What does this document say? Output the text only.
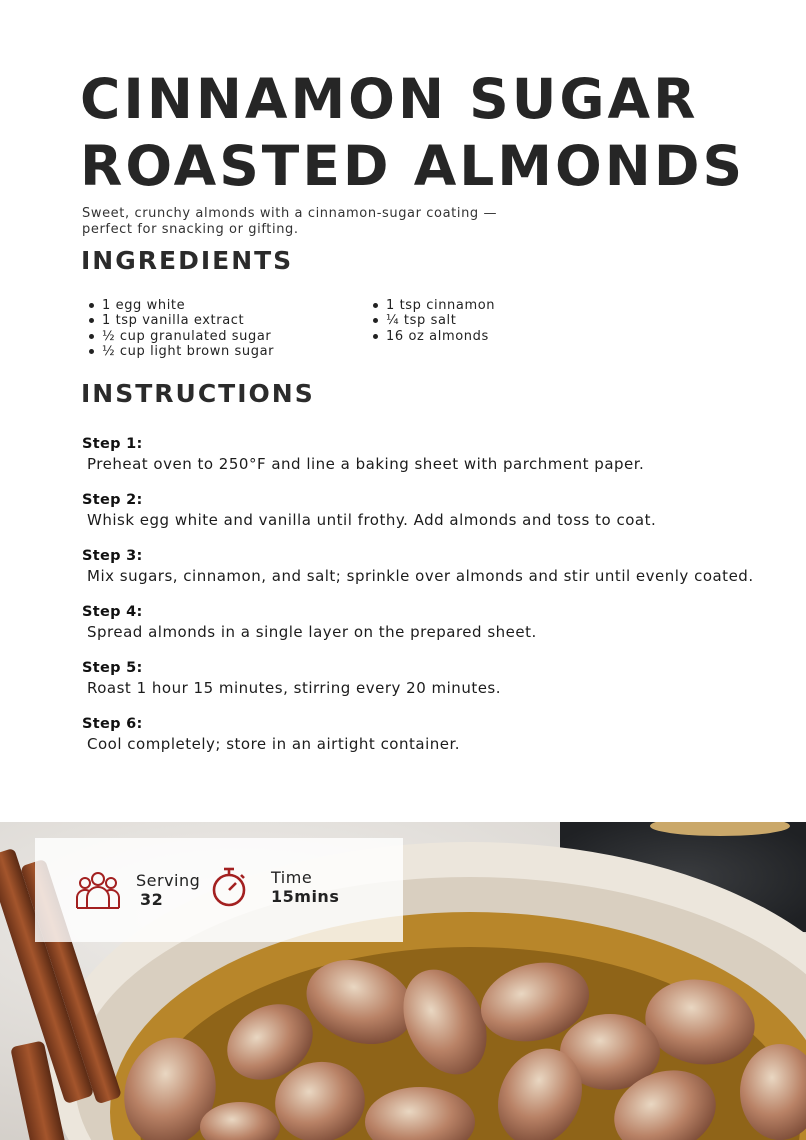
CINNAMON SUGAR
ROASTED ALMONDS

Sweet, crunchy almonds with a cinnamon-sugar coating —
perfect for snacking or gifting.

INGREDIENTS
1 egg white
1 tsp vanilla extract
½ cup granulated sugar
½ cup light brown sugar
1 tsp cinnamon
¼ tsp salt
16 oz almonds
INSTRUCTIONS
Step 1:
Preheat oven to 250°F and line a baking sheet with parchment paper.
Step 2:
Whisk egg white and vanilla until frothy. Add almonds and toss to coat.
Step 3:
Mix sugars, cinnamon, and salt; sprinkle over almonds and stir until evenly coated.
Step 4:
Spread almonds in a single layer on the prepared sheet.
Step 5:
Roast 1 hour 15 minutes, stirring every 20 minutes.
Step 6:
Cool completely; store in an airtight container.
Serving
32
Time
15mins
